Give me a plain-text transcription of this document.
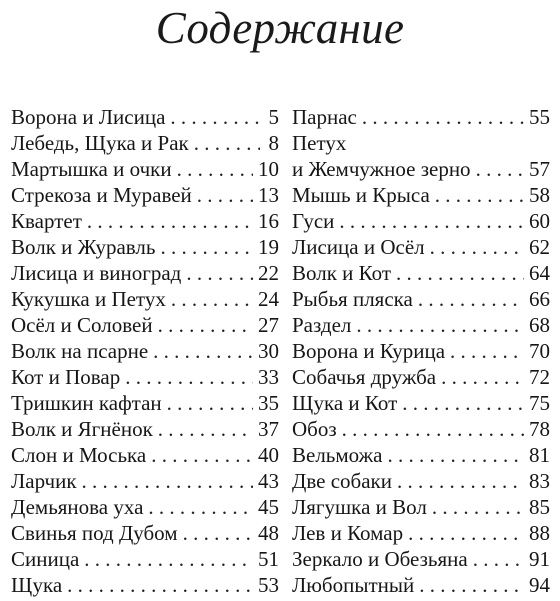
Содержание
Ворона и Лисица . . .	5
Лебедь, Щука и Рак . . .	8
Мартышка и очки . . .	10
Стрекоза и Муравей . . .	13
Квартет . . .	16
Волк и Журавль . . .	19
Лисица и виноград . . .	22
Кукушка и Петух . . .	24
Осёл и Соловей . . .	27
Волк на псарне . . .	30
Кот и Повар . . .	33
Тришкин кафтан . . .	35
Волк и Ягнёнок . . .	37
Слон и Моська . . .	40
Ларчик . . .	43
Демьянова уха . . .	45
Свинья под Дубом . . .	48
Синица . . .	51
Щука . . .	53
Парнас . . .	55
Петух
и Жемчужное зерно . . .	57
Мышь и Крыса . . .	58
Гуси . . .	60
Лисица и Осёл . . .	62
Волк и Кот . . .	64
Рыбья пляска . . .	66
Раздел . . .	68
Ворона и Курица . . .	70
Собачья дружба . . .	72
Щука и Кот . . .	75
Обоз . . .	78
Вельможа . . .	81
Две собаки . . .	83
Лягушка и Вол . . .	85
Лев и Комар . . .	88
Зеркало и Обезьяна . . .	91
Любопытный . . .	94
